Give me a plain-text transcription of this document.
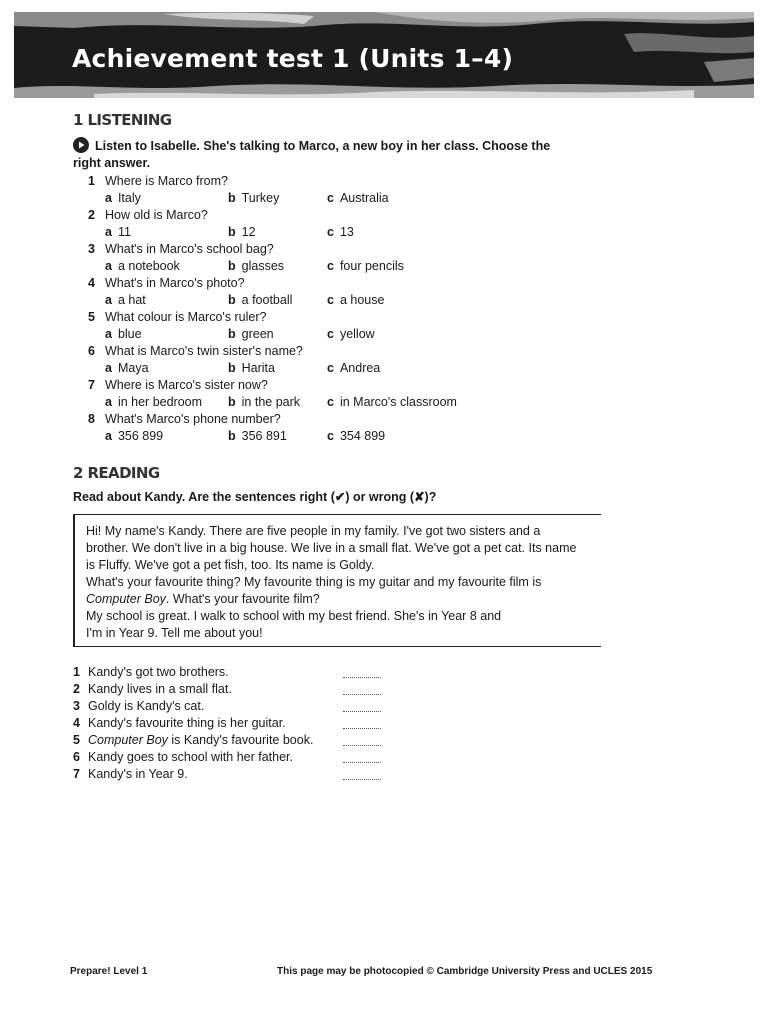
Achievement test 1 (Units 1–4)
1 LISTENING
Listen to Isabelle. She's talking to Marco, a new boy in her class. Choose the
right answer.
1 Where is Marco from?
a Italy	b Turkey	c Australia
2 How old is Marco?
a 11	b 12	c 13
3 What's in Marco's school bag?
a a notebook	b glasses	c four pencils
4 What's in Marco's photo?
a a hat	b a football	c a house
5 What colour is Marco's ruler?
a blue	b green	c yellow
6 What is Marco's twin sister's name?
a Maya	b Harita	c Andrea
7 Where is Marco's sister now?
a in her bedroom b in the park c in Marco's classroom
8 What's Marco's phone number?
a 356 899	b 356 891	c 354 899
2 READING
Read about Kandy. Are the sentences right (✔) or wrong (✘)?

Hi! My name's Kandy. There are five people in my family. I've got two sisters and a

brother. We don't live in a big house. We live in a small flat. We've got a pet cat. Its name

is Fluffy. We've got a pet fish, too. Its name is Goldy.

What's your favourite thing? My favourite thing is my guitar and my favourite film is

Computer Boy. What's your favourite film?

My school is great. I walk to school with my best friend. She's in Year 8 and

I'm in Year 9. Tell me about you!

1 Kandy's got two brothers.
2 Kandy lives in a small flat.
3 Goldy is Kandy's cat.
4 Kandy's favourite thing is her guitar.
5 Computer Boy is Kandy's favourite book.
6 Kandy goes to school with her father.
7 Kandy's in Year 9.
Prepare! Level 1	This page may be photocopied © Cambridge University Press and UCLES 2015
